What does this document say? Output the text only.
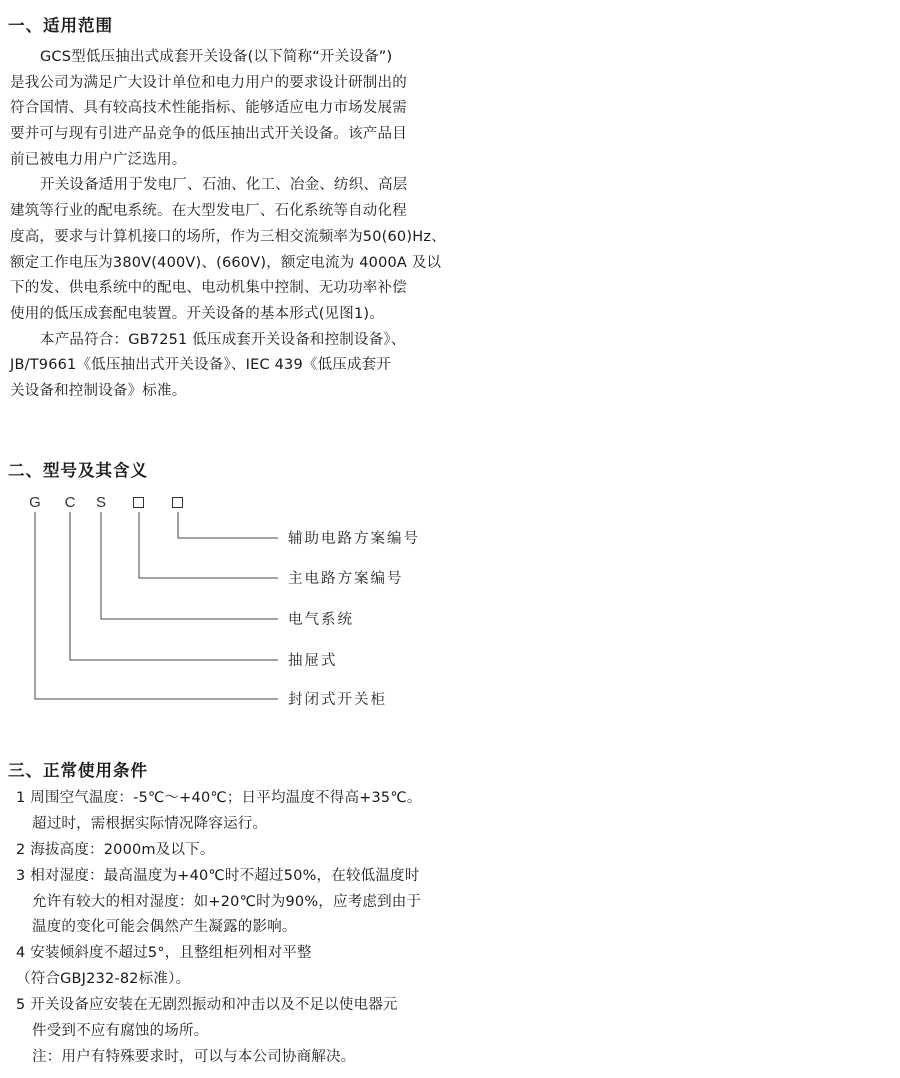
一、适用范围
GCS型低压抽出式成套开关设备(以下简称“开关设备”)
是我公司为满足广大设计单位和电力用户的要求设计研制出的
符合国情、具有较高技术性能指标、能够适应电力市场发展需
要并可与现有引进产品竞争的低压抽出式开关设备。该产品目
前已被电力用户广泛选用。
开关设备适用于发电厂、石油、化工、冶金、纺织、高层
建筑等行业的配电系统。在大型发电厂、石化系统等自动化程
度高，要求与计算机接口的场所，作为三相交流频率为50(60)Hz、
额定工作电压为380V(400V)、(660V)，额定电流为 4000A 及以
下的发、供电系统中的配电、电动机集中控制、无功功率补偿
使用的低压成套配电装置。开关设备的基本形式(见图1)。
本产品符合：GB7251 低压成套开关设备和控制设备》、
JB/T9661《低压抽出式开关设备》、IEC 439《低压成套开
关设备和控制设备》标准。
二、型号及其含义
G C S
辅助电路方案编号
主电路方案编号
电气系统
抽屉式
封闭式开关柜
三、正常使用条件
1 周围空气温度：-5℃～+40℃；日平均温度不得高+35℃。
超过时，需根据实际情况降容运行。
2 海拔高度：2000m及以下。
3 相对湿度：最高温度为+40℃时不超过50%，在较低温度时
允许有较大的相对湿度：如+20℃时为90%，应考虑到由于
温度的变化可能会偶然产生凝露的影响。
4 安装倾斜度不超过5°，且整组柜列相对平整
（符合GBJ232-82标准）。
5 开关设备应安装在无剧烈振动和冲击以及不足以使电器元
件受到不应有腐蚀的场所。
注：用户有特殊要求时，可以与本公司协商解决。
